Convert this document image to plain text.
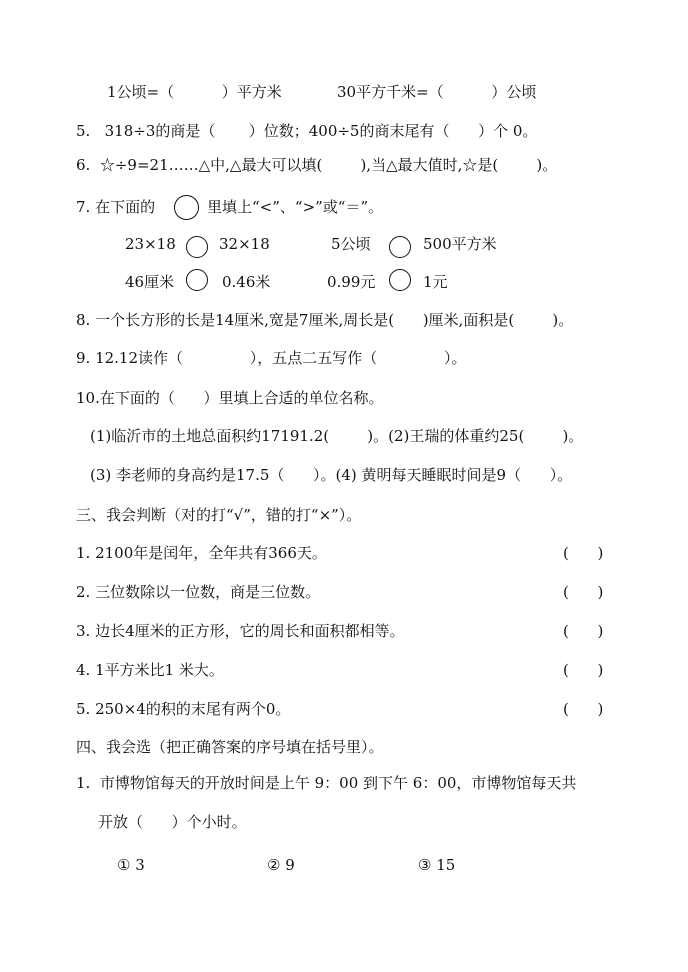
1公顷=（          ）平方米	30平方千米=（          ）公顷
5.   318÷3的商是（       ）位数；400÷5的商末尾有（      ）个 0。
6.  ☆÷9=21……△中,△最大可以填(        ),当△最大值时,☆是(        )。
7. 在下面的	里填上“<”、“>”或“＝”。
23×18	32×18	5公顷	500平方米
46厘米	0.46米	0.99元	1元
8. 一个长方形的长是14厘米,宽是7厘米,周长是(      )厘米,面积是(        )。
9. 12.12读作（              ），五点二五写作（              ）。
10.在下面的（      ）里填上合适的单位名称。
(1)临沂市的土地总面积约17191.2(        )。(2)王瑞的体重约25(        )。
(3) 李老师的身高约是17.5（      ）。(4) 黄明每天睡眠时间是9（      ）。
三、我会判断（对的打“√”，错的打“×”）。
1. 2100年是闰年，全年共有366天。	(      )
2. 三位数除以一位数，商是三位数。	(      )
3. 边长4厘米的正方形，它的周长和面积都相等。	(      )
4. 1平方米比1 米大。	(      )
5. 250×4的积的末尾有两个0。	(      )
四、我会选（把正确答案的序号填在括号里）。
1.  市博物馆每天的开放时间是上午 9：00 到下午 6：00，市博物馆每天共
开放（      ）个小时。
① 3	② 9	③ 15
